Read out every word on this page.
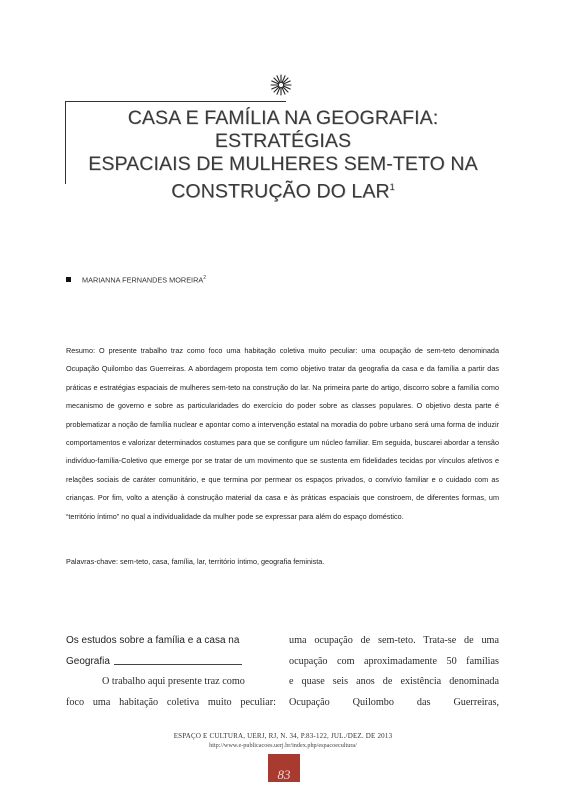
CASA E FAMÍLIA NA GEOGRAFIA: ESTRATÉGIAS
ESPACIAIS DE MULHERES SEM-TETO NA
CONSTRUÇÃO DO LAR$^1$
MARIANNA FERNANDES MOREIRA$^2$
Resumo: O presente trabalho traz como foco uma habitação coletiva muito peculiar: uma ocupação de sem-teto denominada Ocupação Quilombo das Guerreiras. A abordagem proposta tem como objetivo tratar da geografia da casa e da família a partir das práticas e estratégias espaciais de mulheres sem-teto na construção do lar. Na primeira parte do artigo, discorro sobre a família como mecanismo de governo e sobre as particularidades do exercício do poder sobre as classes populares. O objetivo desta parte é problematizar a noção de família nuclear e apontar como a intervenção estatal na moradia do pobre urbano será uma forma de induzir comportamentos e valorizar determinados costumes para que se configure um núcleo familiar. Em seguida, buscarei abordar a tensão indivíduo-família-Coletivo que emerge por se tratar de um movimento que se sustenta em fidelidades tecidas por vínculos afetivos e relações sociais de caráter comunitário, e que termina por permear os espaços privados, o convívio familiar e o cuidado com as crianças. Por fim, volto a atenção à construção material da casa e às práticas espaciais que constroem, de diferentes formas, um “território íntimo” no qual a individualidade da mulher pode se expressar para além do espaço doméstico.
Palavras-chave: sem-teto, casa, família, lar, território íntimo, geografia feminista.

Os estudos sobre a família e a casa na

Geografia

O trabalho aqui presente traz como

foco uma habitação coletiva muito peculiar:

uma ocupação de sem-teto. Trata-se de uma

ocupação com aproximadamente 50 famílias

e quase seis anos de existência denominada

Ocupação Quilombo das Guerreiras,

ESPAÇO E CULTURA, UERJ, RJ, N. 34, P.83-122, JUL./DEZ. DE 2013
http://www.e-publicacoes.uerj.br/index.php/espacoecultura/
83
